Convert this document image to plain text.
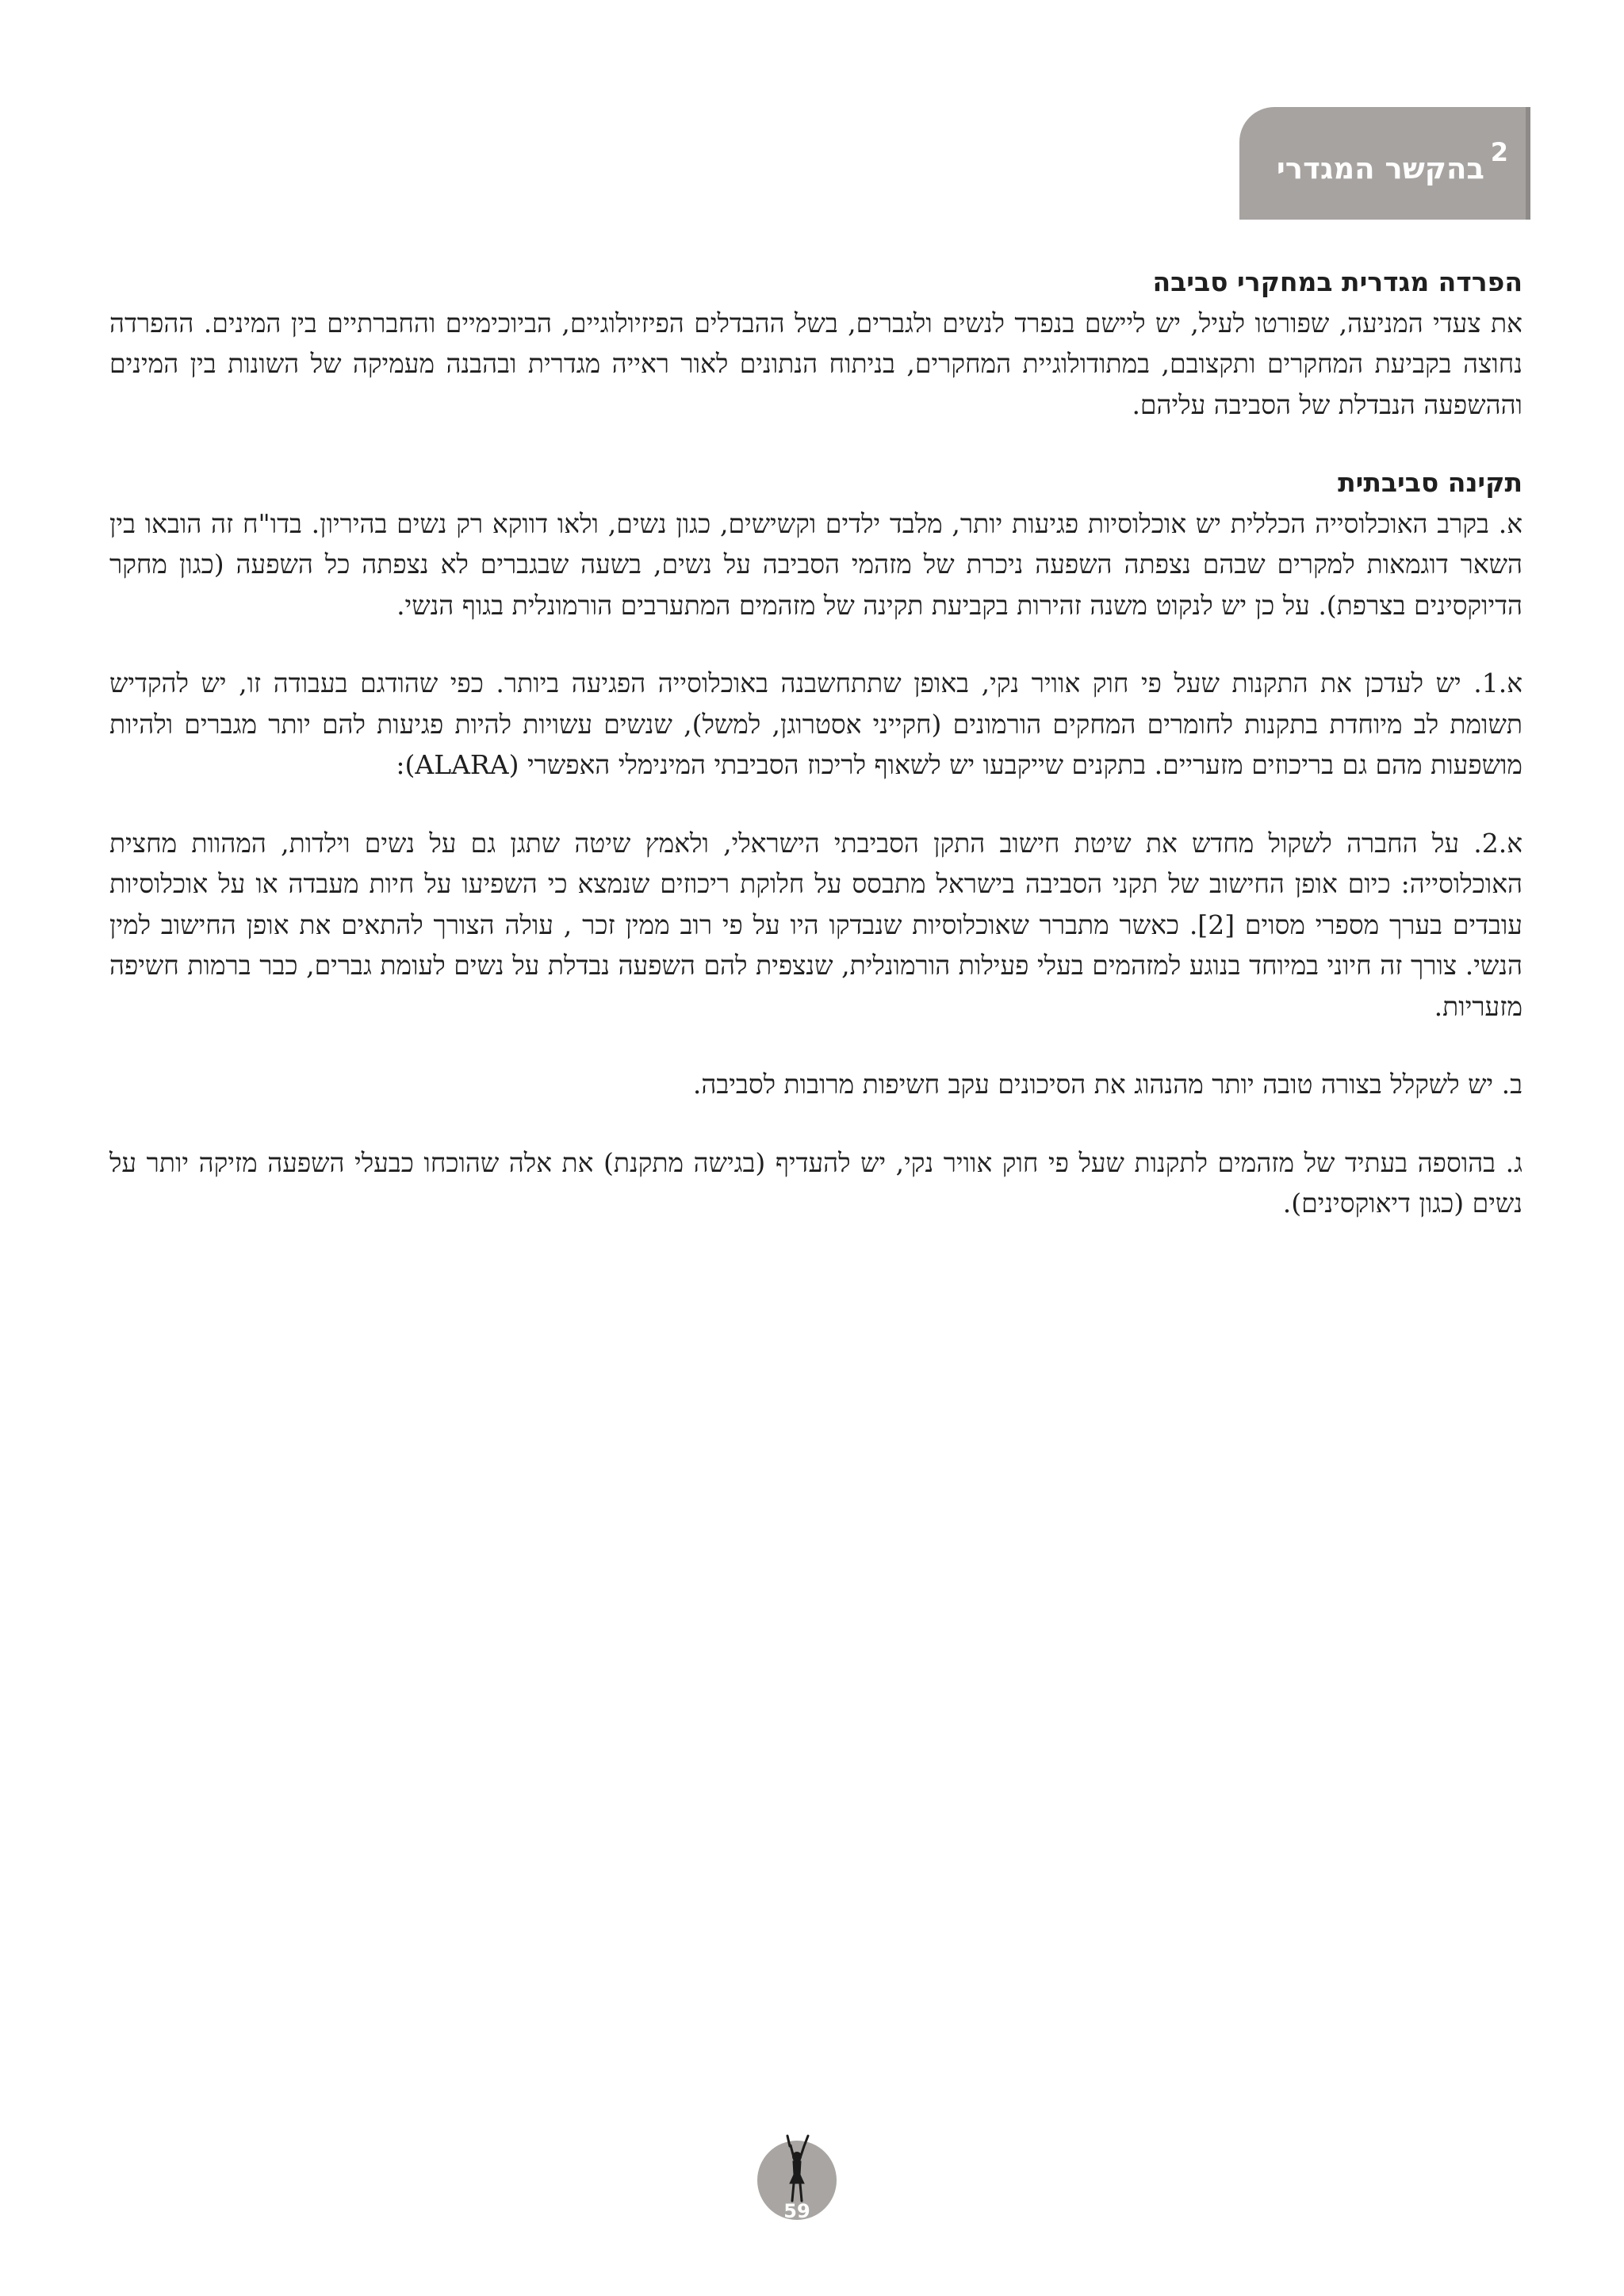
2
בהקשר המגדרי
הפרדה מגדרית במחקרי סביבה

את צעדי המניעה, שפורטו לעיל, יש ליישם בנפרד לנשים ולגברים, בשל ההבדלים הפיזיולוגיים, הביוכימיים והחברתיים בין המינים. ההפרדה נחוצה בקביעת המחקרים ותקצובם, במתודולוגיית המחקרים, בניתוח הנתונים לאור ראייה מגדרית ובהבנה מעמיקה של השונות בין המינים וההשפעה הנבדלת של הסביבה עליהם.

תקינה סביבתית

א. בקרב האוכלוסייה הכללית יש אוכלוסיות פגיעות יותר, מלבד ילדים וקשישים, כגון נשים, ולאו דווקא רק נשים בהיריון. בדו"ח זה הובאו בין השאר דוגמאות למקרים שבהם נצפתה השפעה ניכרת של מזהמי הסביבה על נשים, בשעה שבגברים לא נצפתה כל השפעה (כגון מחקר הדיוקסינים בצרפת). על כן יש לנקוט משנה זהירות בקביעת תקינה של מזהמים המתערבים הורמונלית בגוף הנשי.

א.1. יש לעדכן את התקנות שעל פי חוק אוויר נקי, באופן שתתחשבנה באוכלוסייה הפגיעה ביותר. כפי שהודגם בעבודה זו, יש להקדיש תשומת לב מיוחדת בתקנות לחומרים המחקים הורמונים (חקייני אסטרוגן, למשל), שנשים עשויות להיות פגיעות להם יותר מגברים ולהיות מושפעות מהם גם בריכוזים מזעריים. בתקנים שייקבעו יש לשאוף לריכוז הסביבתי המינימלי האפשרי (ALARA):

א.2. על החברה לשקול מחדש את שיטת חישוב התקן הסביבתי הישראלי, ולאמץ שיטה שתגן גם על נשים וילדות, המהוות מחצית האוכלוסייה: כיום אופן החישוב של תקני הסביבה בישראל מתבסס על חלוקת ריכוזים שנמצא כי השפיעו על חיות מעבדה או על אוכלוסיות עובדים בערך מספרי מסוים [2]. כאשר מתברר שאוכלוסיות שנבדקו היו על פי רוב ממין זכר , עולה הצורך להתאים את אופן החישוב למין הנשי. צורך זה חיוני במיוחד בנוגע למזהמים בעלי פעילות הורמונלית, שנצפית להם השפעה נבדלת על נשים לעומת גברים, כבר ברמות חשיפה מזעריות.

ב. יש לשקלל בצורה טובה יותר מהנהוג את הסיכונים עקב חשיפות מרובות לסביבה.

ג. בהוספה בעתיד של מזהמים לתקנות שעל פי חוק אוויר נקי, יש להעדיף (בגישה מתקנת) את אלה שהוכחו כבעלי השפעה מזיקה יותר על נשים (כגון דיאוקסינים).

59
